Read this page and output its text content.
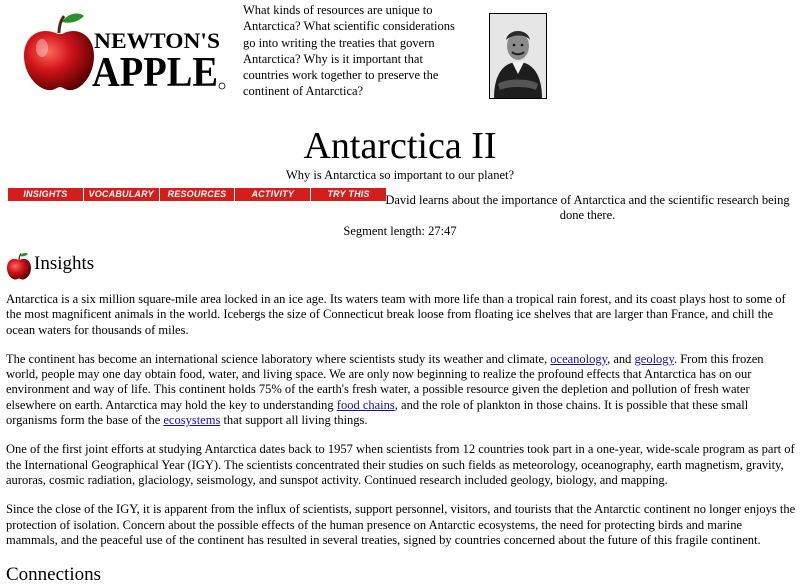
NEWTON'S
APPLE

What kinds of resources are unique to Antarctica? What scientific considerations go into writing the treaties that govern Antarctica? Why is it important that countries work together to preserve the continent of Antarctica?

Antarctica II

Why is Antarctica so important to our planet?

INSIGHTS	VOCABULARY	RESOURCES	ACTIVITY	TRY THIS	David learns about the importance of Antarctica and the scientific research being done there.

Segment length: 27:47

Insights

Antarctica is a six million square-mile area locked in an ice age. Its waters team with more life than a tropical rain forest, and its coast plays host to some of the most magnificent animals in the world. Icebergs the size of Connecticut break loose from floating ice shelves that are larger than France, and chill the ocean waters for thousands of miles.

The continent has become an international science laboratory where scientists study its weather and climate, oceanology, and geology. From this frozen world, people may one day obtain food, water, and living space. We are only now beginning to realize the profound effects that Antarctica has on our environment and way of life. This continent holds 75% of the earth's fresh water, a possible resource given the depletion and pollution of fresh water elsewhere on earth. Antarctica may hold the key to understanding food chains, and the role of plankton in those chains. It is possible that these small organisms form the base of the ecosystems that support all living things.

One of the first joint efforts at studying Antarctica dates back to 1957 when scientists from 12 countries took part in a one-year, wide-scale program as part of the International Geographical Year (IGY). The scientists concentrated their studies on such fields as meteorology, oceanography, earth magnetism, gravity, auroras, cosmic radiation, glaciology, seismology, and sunspot activity. Continued research included geology, biology, and mapping.

Since the close of the IGY, it is apparent from the influx of scientists, support personnel, visitors, and tourists that the Antarctic continent no longer enjoys the protection of isolation. Concern about the possible effects of the human presence on Antarctic ecosystems, the need for protecting birds and marine mammals, and the peaceful use of the continent has resulted in several treaties, signed by countries concerned about the future of this fragile continent.

Connections
